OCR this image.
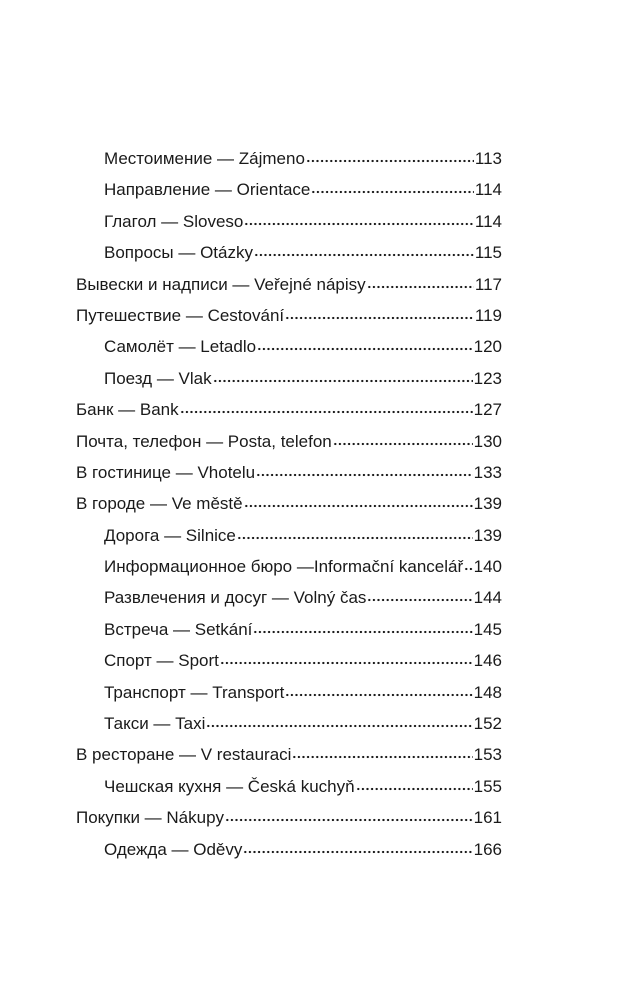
Местоимение — Zájmeno	113
Направление — Orientace	114
Глагол — Sloveso	114
Вопросы — Otázky	115
Вывески и надписи — Veřejné nápisy	117
Путешествие — Cestování	119
Самолёт — Letadlo	120
Поезд — Vlak	123
Банк — Bank	127
Почта, телефон — Posta, telefon	130
В гостинице — Vhotelu	133
В городе — Ve městě	139
Дорога — Silnice	139
Информационное бюро —Informační kancelář 140
Развлечения и досуг — Volný čas	144
Встреча — Setkání	145
Спорт — Sport	146
Транспорт — Transport	148
Такси — Taxi	152
В ресторане — V restauraci	153
Чешская кухня — Česká kuchyň	155
Покупки — Nákupy	161
Одежда — Oděvy	166
